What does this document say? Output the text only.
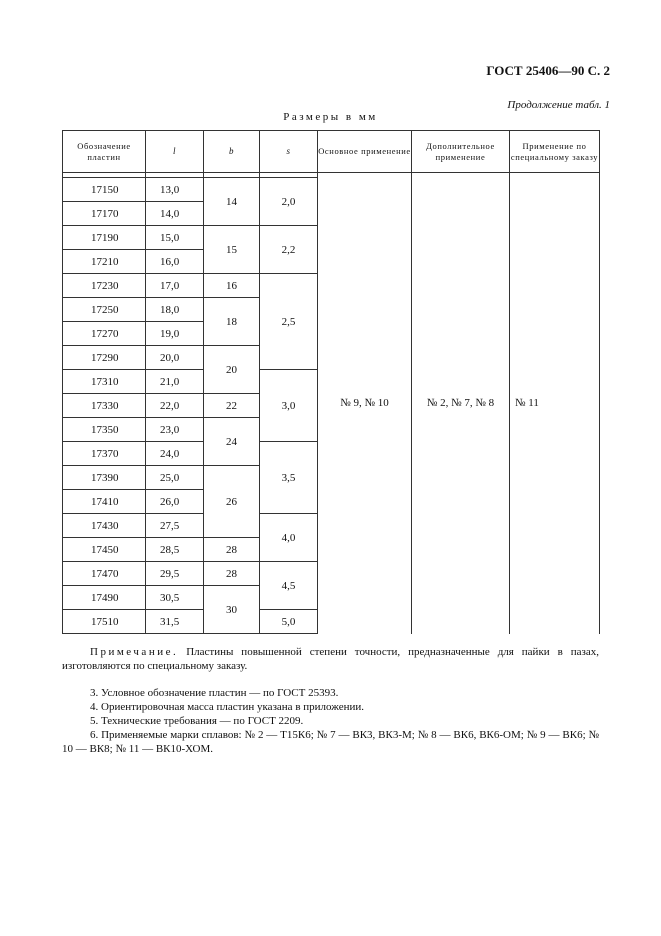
ГОСТ 25406—90 С. 2
Продолжение табл. 1
Размеры в мм
Обозначение пластин	l	b	s	Основное применение	Дополнительное применение	Применение по специальному заказу
				№ 9, № 10	№ 2, № 7, № 8	№ 11
17150	13,0	14	2,0			
17170	14,0					
17190	15,0	15	2,2			
17210	16,0					
17230	17,0	16	2,5			
17250	18,0	18				
17270	19,0					
17290	20,0	20				
17310	21,0		3,0			
17330	22,0	22				
17350	23,0	24				
17370	24,0		3,5			
17390	25,0	26				
17410	26,0					
17430	27,5		4,0			
17450	28,5	28				
17470	29,5	28	4,5			
17490	30,5	30				
17510	31,5		5,0			
Примечание. Пластины повышенной степени точности, предназначенные для пайки в пазах, изготовляются по специальному заказу.
3. Условное обозначение пластин — по ГОСТ 25393.
4. Ориентировочная масса пластин указана в приложении.
5. Технические требования — по ГОСТ 2209.
6. Применяемые марки сплавов: № 2 — Т15К6; № 7 — ВК3, ВК3-М; № 8 — ВК6, ВК6-ОМ; № 9 — ВК6; № 10 — ВК8; № 11 — ВК10-ХОМ.
